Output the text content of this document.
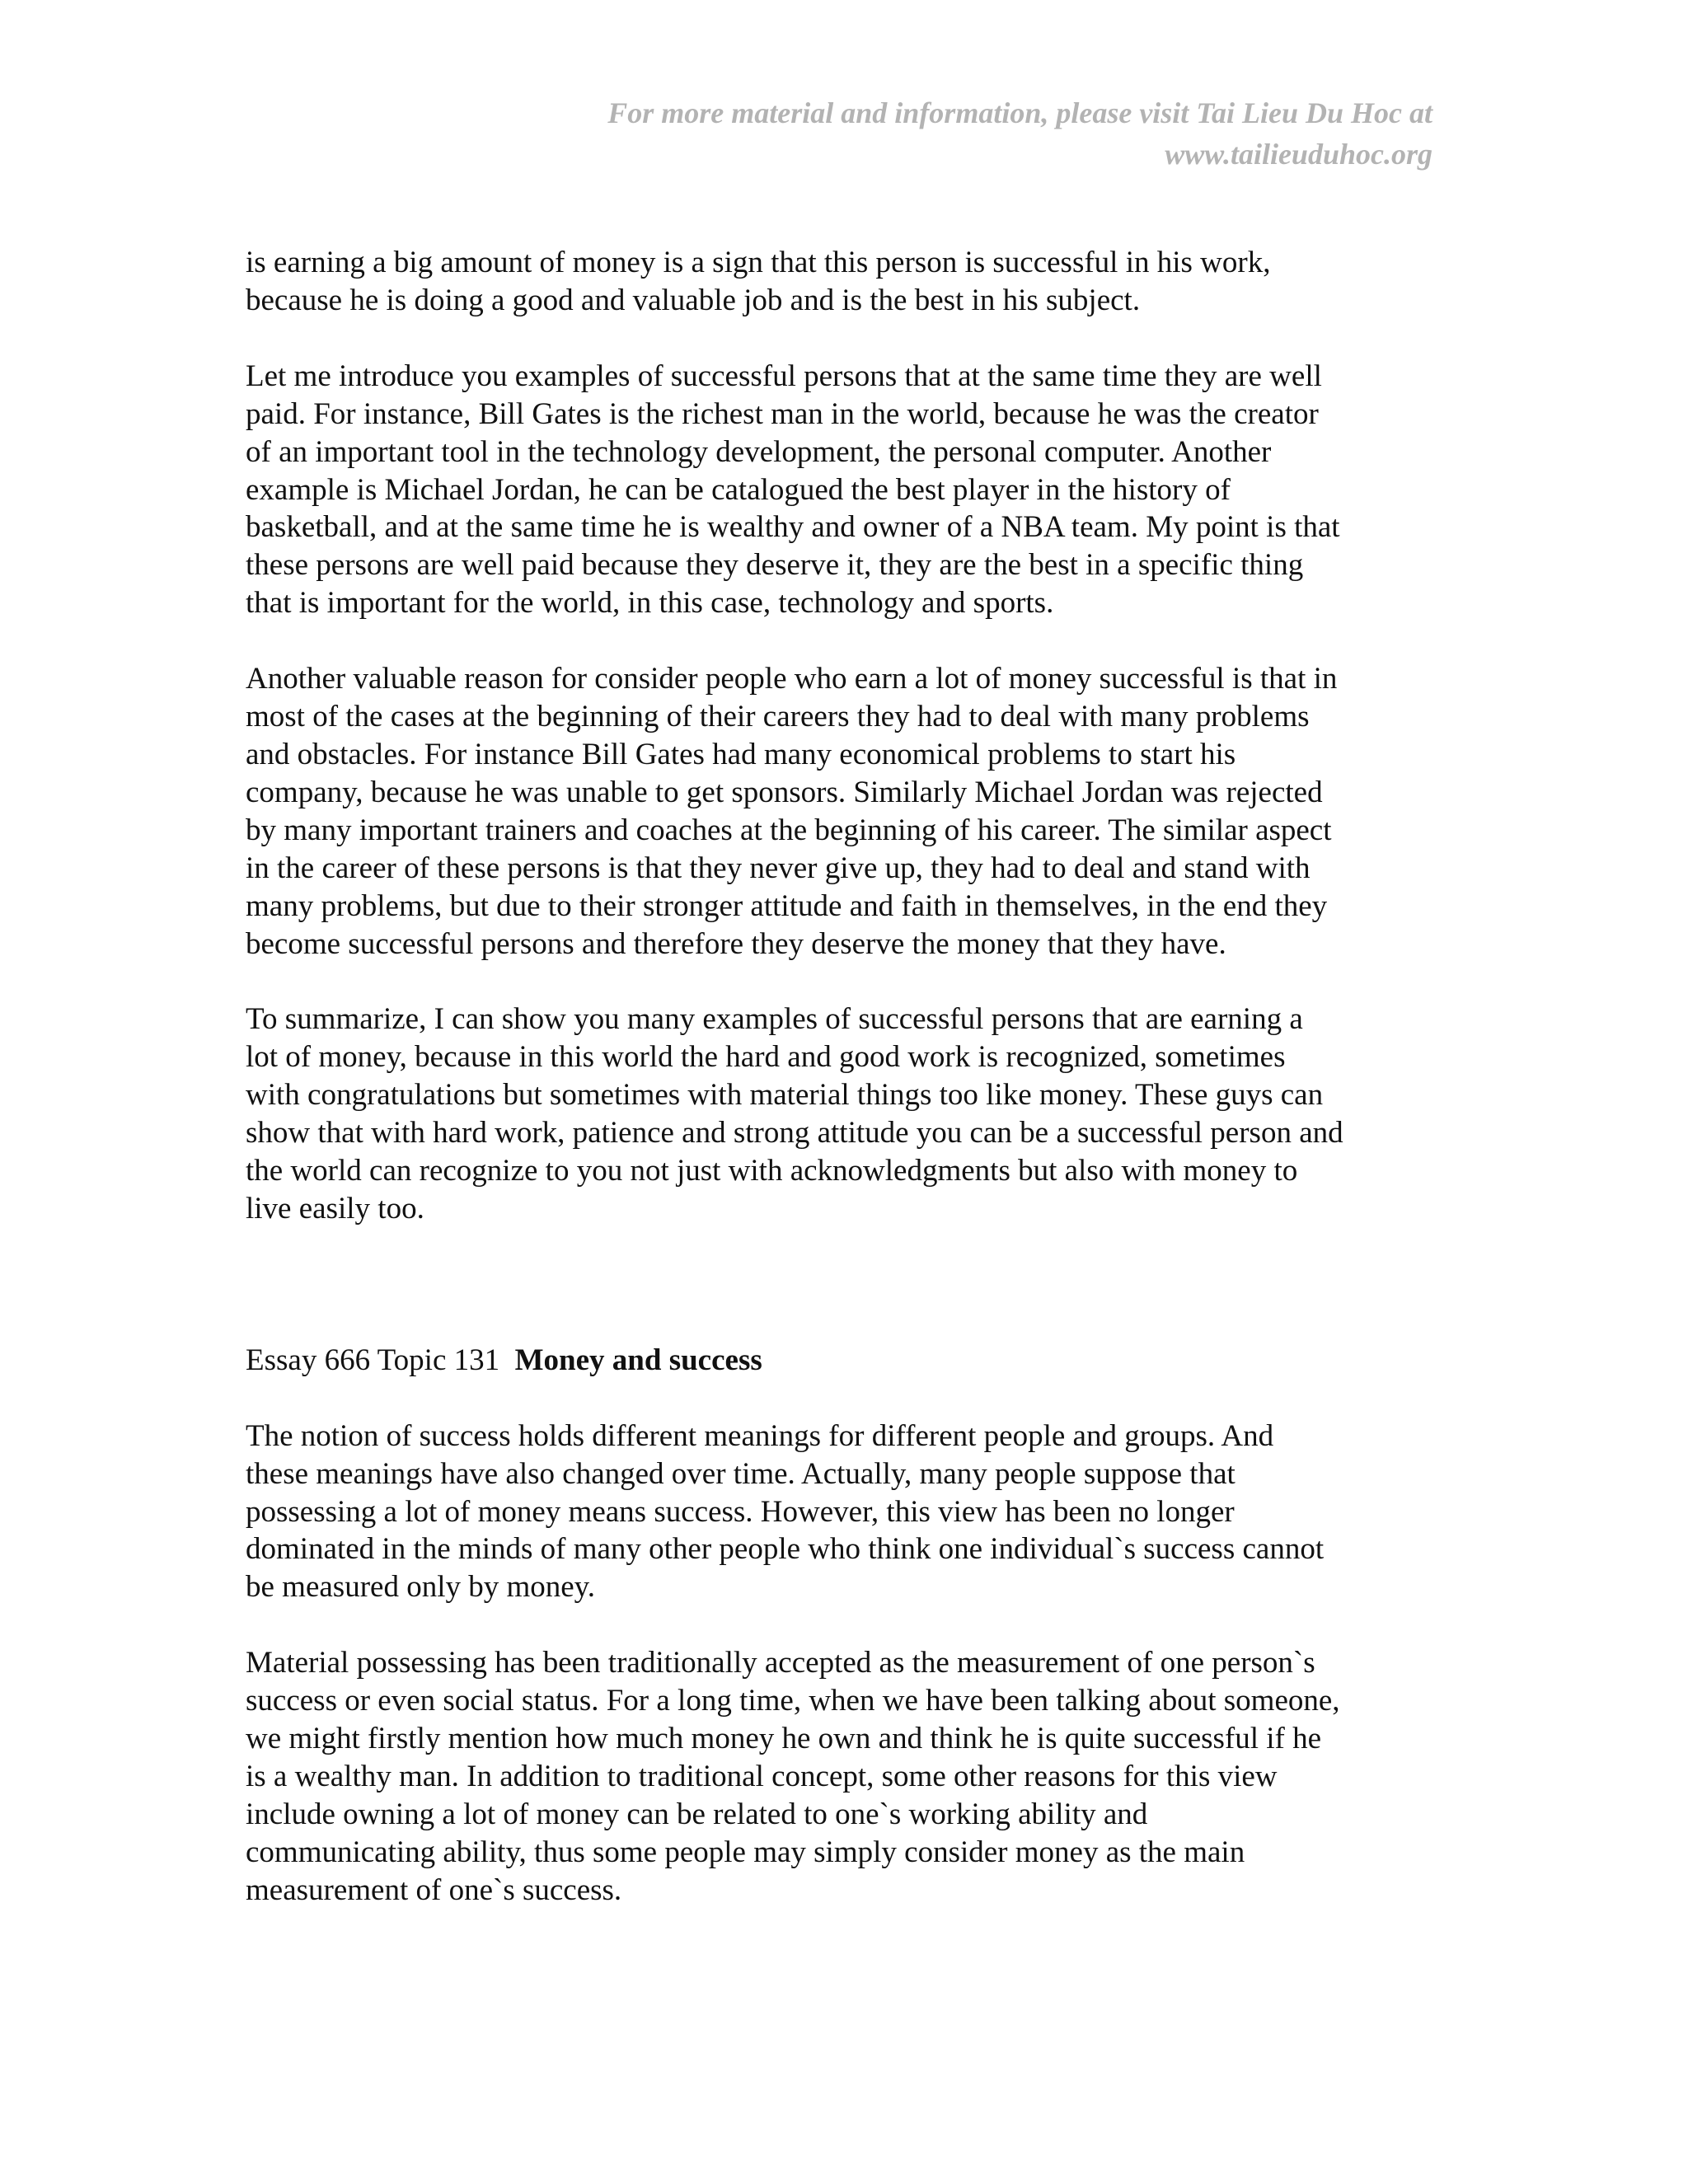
For more material and information, please visit Tai Lieu Du Hoc at
www.tailieuduhoc.org

is earning a big amount of money is a sign that this person is successful in his work,
because he is doing a good and valuable job and is the best in his subject.

Let me introduce you examples of successful persons that at the same time they are well
paid. For instance, Bill Gates is the richest man in the world, because he was the creator
of an important tool in the technology development, the personal computer. Another
example is Michael Jordan, he can be catalogued the best player in the history of
basketball, and at the same time he is wealthy and owner of a NBA team. My point is that
these persons are well paid because they deserve it, they are the best in a specific thing
that is important for the world, in this case, technology and sports.

Another valuable reason for consider people who earn a lot of money successful is that in
most of the cases at the beginning of their careers they had to deal with many problems
and obstacles. For instance Bill Gates had many economical problems to start his
company, because he was unable to get sponsors. Similarly Michael Jordan was rejected
by many important trainers and coaches at the beginning of his career. The similar aspect
in the career of these persons is that they never give up, they had to deal and stand with
many problems, but due to their stronger attitude and faith in themselves, in the end they
become successful persons and therefore they deserve the money that they have.

To summarize, I can show you many examples of successful persons that are earning a
lot of money, because in this world the hard and good work is recognized, sometimes
with congratulations but sometimes with material things too like money. These guys can
show that with hard work, patience and strong attitude you can be a successful person and
the world can recognize to you not just with acknowledgments but also with money to
live easily too.

Essay 666 Topic 131  Money and success

The notion of success holds different meanings for different people and groups. And
these meanings have also changed over time. Actually, many people suppose that
possessing a lot of money means success. However, this view has been no longer
dominated in the minds of many other people who think one individual`s success cannot
be measured only by money.

Material possessing has been traditionally accepted as the measurement of one person`s
success or even social status. For a long time, when we have been talking about someone,
we might firstly mention how much money he own and think he is quite successful if he
is a wealthy man. In addition to traditional concept, some other reasons for this view
include owning a lot of money can be related to one`s working ability and
communicating ability, thus some people may simply consider money as the main
measurement of one`s success.
